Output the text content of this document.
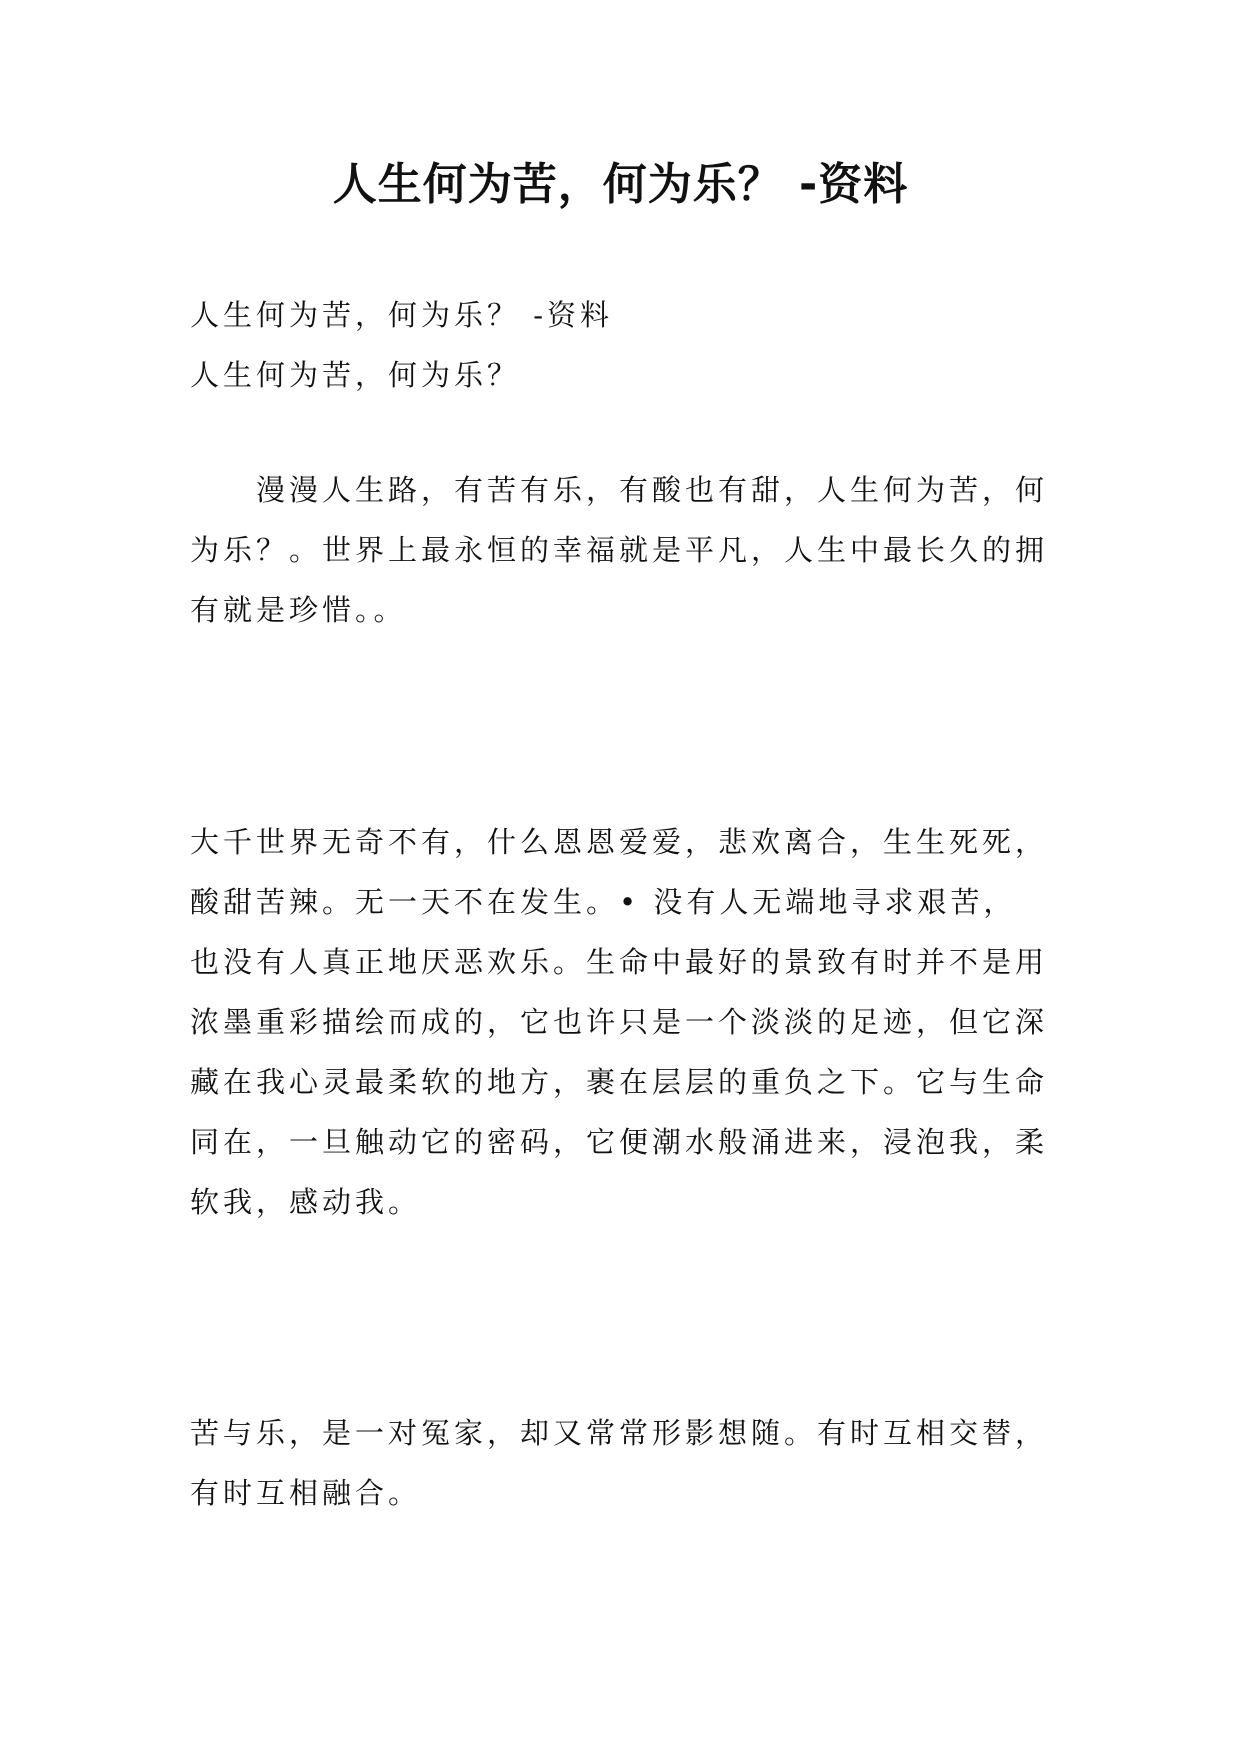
人生何为苦，何为乐？ -资料

人生何为苦，何为乐？ -资料

人生何为苦，何为乐？

　　漫漫人生路，有苦有乐，有酸也有甜，人生何为苦，何

为乐？。世界上最永恒的幸福就是平凡，人生中最长久的拥

有就是珍惜。。

大千世界无奇不有，什么恩恩爱爱，悲欢离合，生生死死，

酸甜苦辣。无一天不在发生。• 没有人无端地寻求艰苦，

也没有人真正地厌恶欢乐。生命中最好的景致有时并不是用

浓墨重彩描绘而成的，它也许只是一个淡淡的足迹，但它深

藏在我心灵最柔软的地方，裹在层层的重负之下。它与生命

同在，一旦触动它的密码，它便潮水般涌进来，浸泡我，柔

软我，感动我。

苦与乐，是一对冤家，却又常常形影想随。有时互相交替，

有时互相融合。
